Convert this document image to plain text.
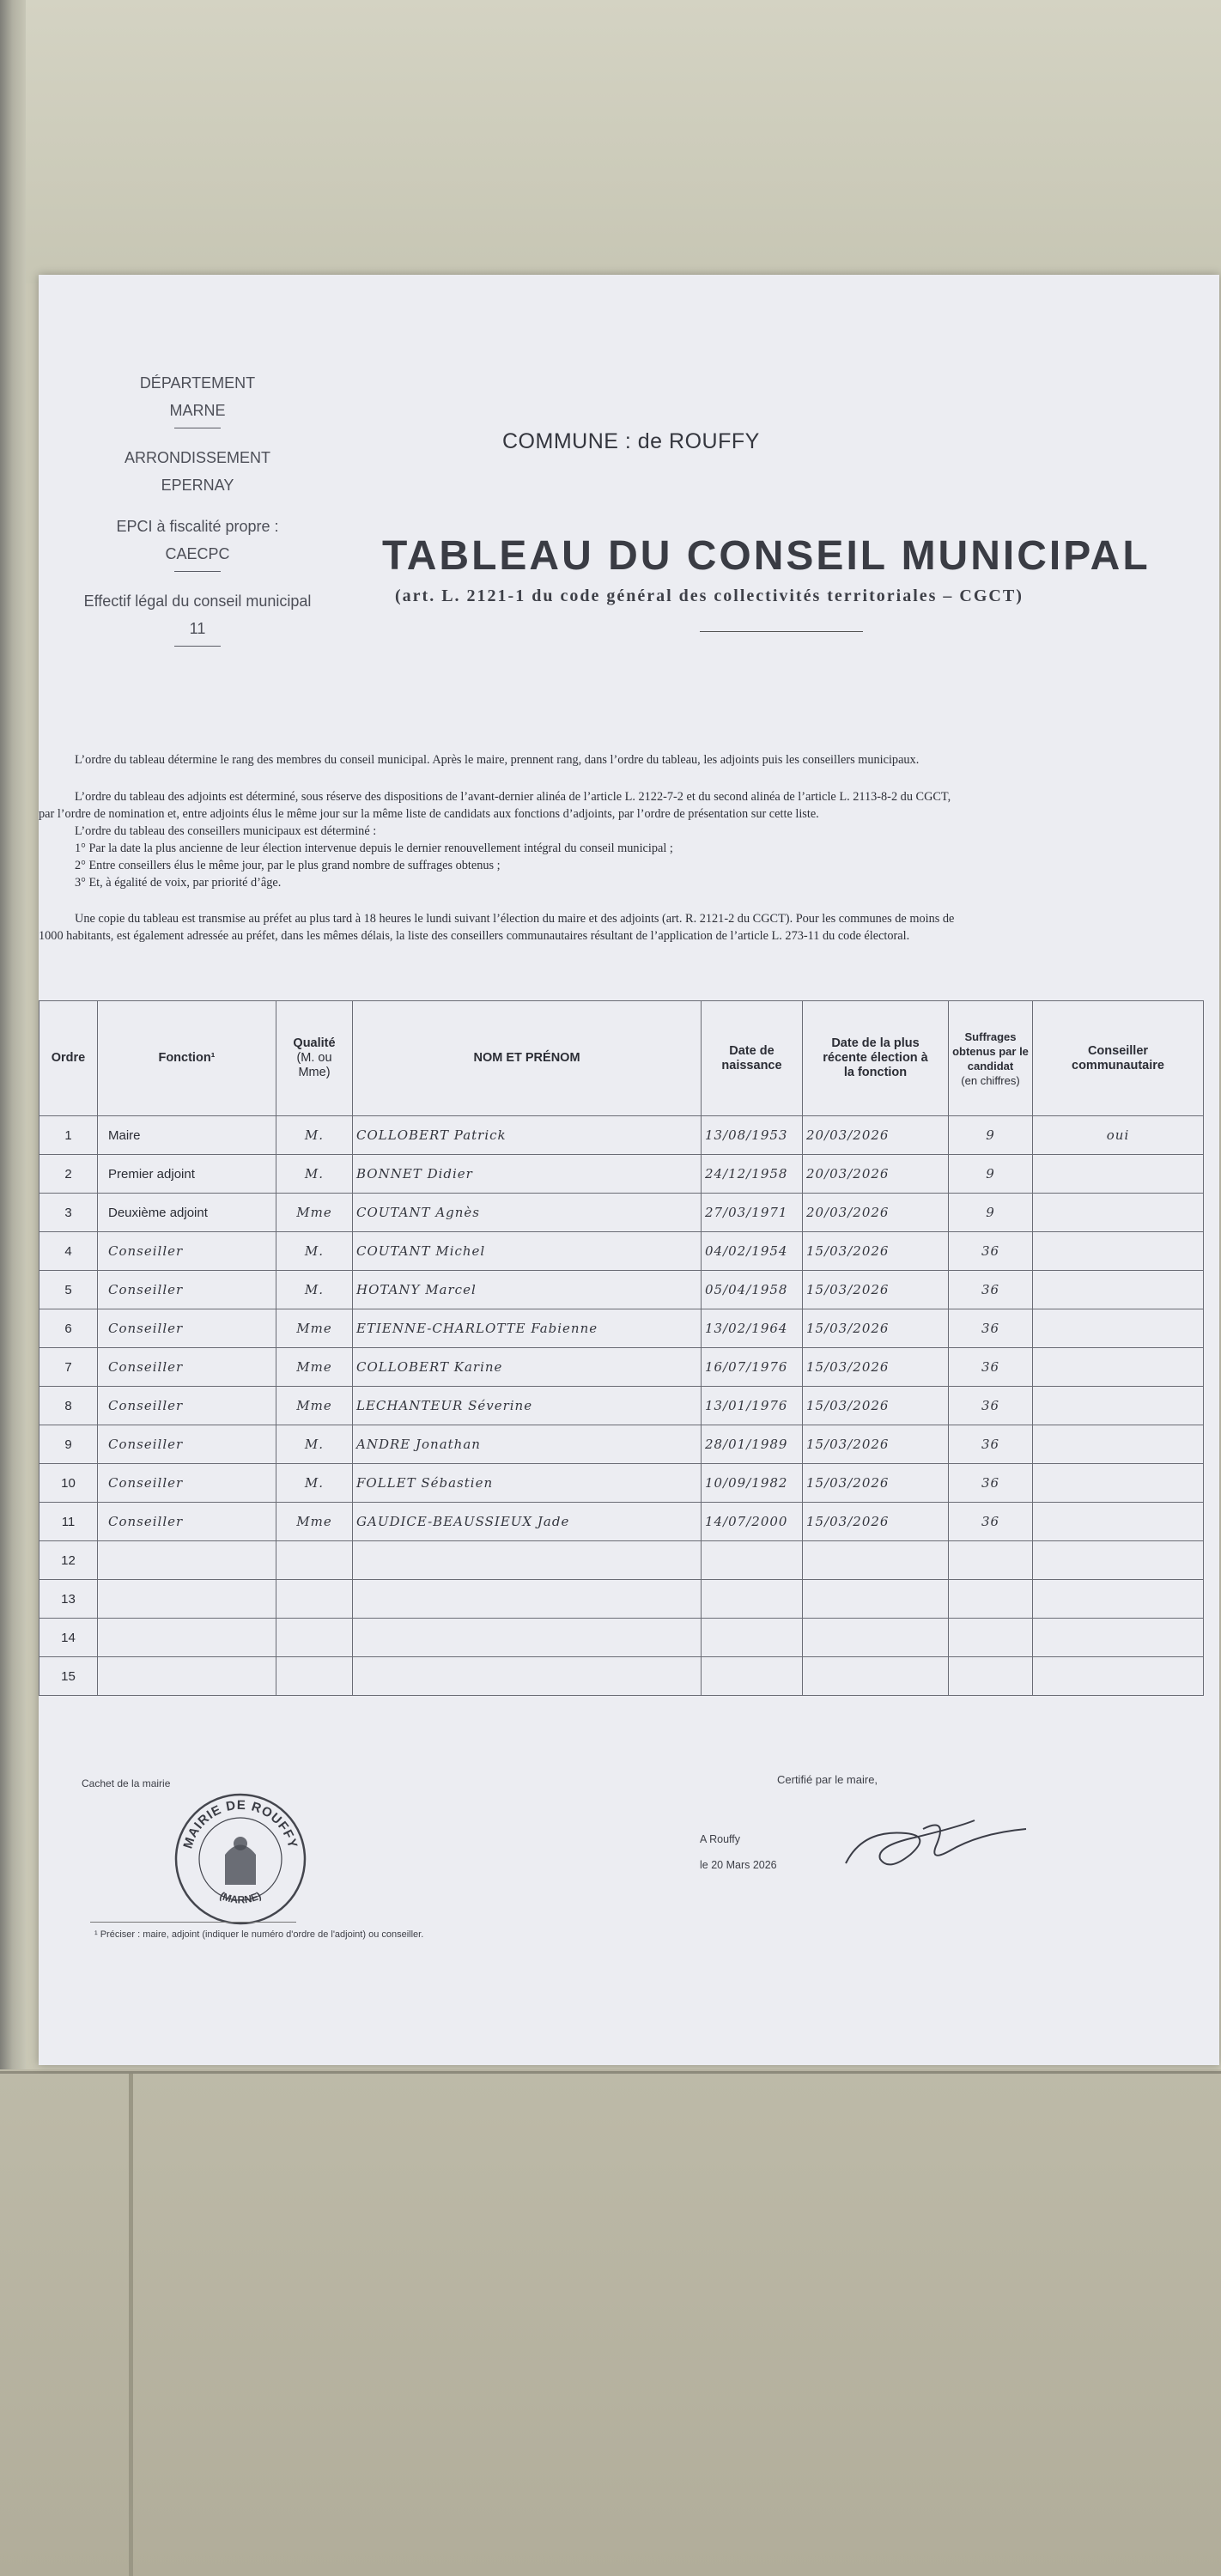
DÉPARTEMENT
MARNE
ARRONDISSEMENT
EPERNAY
EPCI à fiscalité propre :
CAECPC
Effectif légal du conseil municipal
11
COMMUNE : de ROUFFY
TABLEAU DU CONSEIL MUNICIPAL
(art. L. 2121-1 du code général des collectivités territoriales – CGCT)

L’ordre du tableau détermine le rang des membres du conseil municipal. Après le maire, prennent rang, dans l’ordre du tableau, les adjoints puis les conseillers municipaux.

L’ordre du tableau des adjoints est déterminé, sous réserve des dispositions de l’avant-dernier alinéa de l’article L. 2122-7-2 et du second alinéa de l’article L. 2113-8-2 du CGCT,

par l’ordre de nomination et, entre adjoints élus le même jour sur la même liste de candidats aux fonctions d’adjoints, par l’ordre de présentation sur cette liste.

L’ordre du tableau des conseillers municipaux est déterminé :

1° Par la date la plus ancienne de leur élection intervenue depuis le dernier renouvellement intégral du conseil municipal ;

2° Entre conseillers élus le même jour, par le plus grand nombre de suffrages obtenus ;

3° Et, à égalité de voix, par priorité d’âge.

Une copie du tableau est transmise au préfet au plus tard à 18 heures le lundi suivant l’élection du maire et des adjoints (art. R. 2121-2 du CGCT). Pour les communes de moins de

1000 habitants, est également adressée au préfet, dans les mêmes délais, la liste des conseillers communautaires résultant de l’application de l’article L. 273-11 du code électoral.

Ordre	Fonction¹	Qualité
(M. ou
Mme)	NOM ET PRÉNOM	Date de
naissance	Date de la plus
récente élection à
la fonction	Suffrages
obtenus par le
candidat
(en chiffres)	Conseiller
communautaire
1	Maire	M.	COLLOBERT Patrick	13/08/1953	20/03/2026	9	oui
2	Premier adjoint	M.	BONNET Didier	24/12/1958	20/03/2026	9	
3	Deuxième adjoint	Mme	COUTANT Agnès	27/03/1971	20/03/2026	9	
4	Conseiller	M.	COUTANT Michel	04/02/1954	15/03/2026	36	
5	Conseiller	M.	HOTANY Marcel	05/04/1958	15/03/2026	36	
6	Conseiller	Mme	ETIENNE-CHARLOTTE Fabienne	13/02/1964	15/03/2026	36	
7	Conseiller	Mme	COLLOBERT Karine	16/07/1976	15/03/2026	36	
8	Conseiller	Mme	LECHANTEUR Séverine	13/01/1976	15/03/2026	36	
9	Conseiller	M.	ANDRE Jonathan	28/01/1989	15/03/2026	36	
10	Conseiller	M.	FOLLET Sébastien	10/09/1982	15/03/2026	36	
11	Conseiller	Mme	GAUDICE-BEAUSSIEUX Jade	14/07/2000	15/03/2026	36	
12							
13							
14							
15							
Cachet de la mairie
MAIRIE DE ROUFFY
(MARNE)
Certifié par le maire,
A Rouffy
le 20 Mars 2026
¹ Préciser : maire, adjoint (indiquer le numéro d'ordre de l'adjoint) ou conseiller.
